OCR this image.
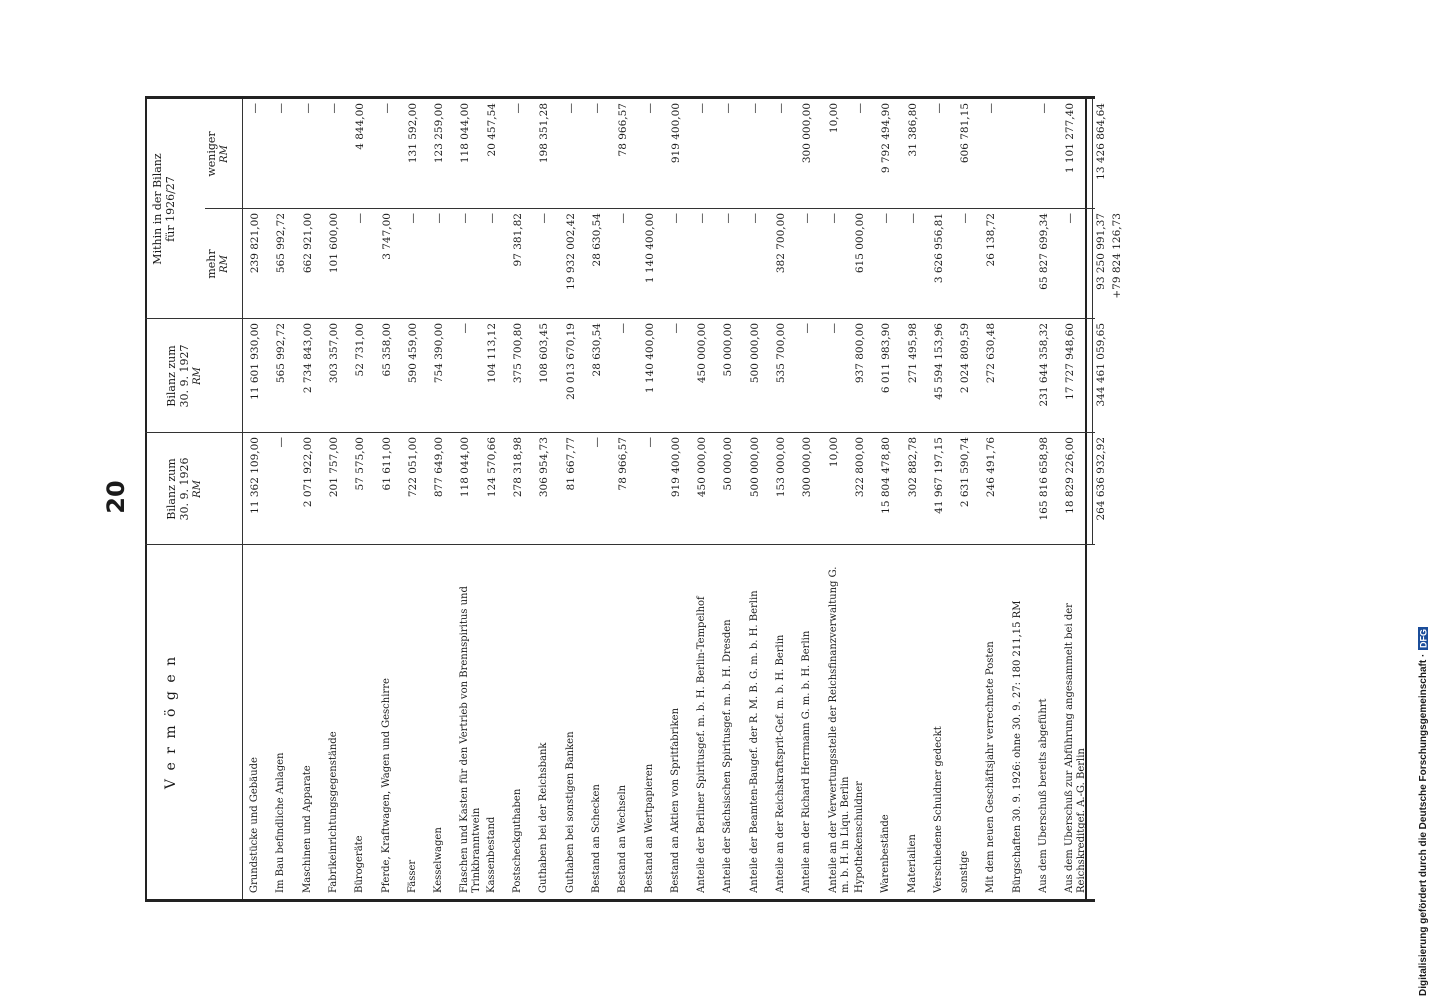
20
Digitalisierung gefördert durch die Deutsche Forschungsgemeinschaft ·
DFG
V e r m ö g e n
Bilanz zum 30. 9. 1926 RM
Bilanz zum 30. 9. 1927 RM
Mithin in der Bilanz für 1926/27
mehr RM
weniger RM
Grundstücke und Gebäude
11 362 109,00
11 601 930,00
239 821,00
—
Im Bau befindliche Anlagen
—
565 992,72
565 992,72
—
Maschinen und Apparate
2 071 922,00
2 734 843,00
662 921,00
—
Fabrikeinrichtungsgegenstände
201 757,00
303 357,00
101 600,00
—
Bürogeräte
57 575,00
52 731,00
—
4 844,00
Pferde, Kraftwagen, Wagen und Geschirre
61 611,00
65 358,00
3 747,00
—
Fässer
722 051,00
590 459,00
—
131 592,00
Kesselwagen
877 649,00
754 390,00
—
123 259,00
Flaschen und Kasten für den Vertrieb von Brennspiritus und Trinkbranntwein
118 044,00
—
—
118 044,00
Kassenbestand
124 570,66
104 113,12
—
20 457,54
Postscheckguthaben
278 318,98
375 700,80
97 381,82
—
Guthaben bei der Reichsbank
306 954,73
108 603,45
—
198 351,28
Guthaben bei sonstigen Banken
81 667,77
20 013 670,19
19 932 002,42
—
Bestand an Schecken
—
28 630,54
28 630,54
—
Bestand an Wechseln
78 966,57
—
—
78 966,57
Bestand an Wertpapieren
—
1 140 400,00
1 140 400,00
—
Bestand an Aktien von Spritfabriken
919 400,00
—
—
919 400,00
Anteile der Berliner Spiritusgef. m. b. H. Berlin-Tempelhof
450 000,00
450 000,00
—
—
Anteile der Sächsischen Spiritusgef. m. b. H. Dresden
50 000,00
50 000,00
—
—
Anteile der Beamten-Baugef. der R. M. B. G. m. b. H. Berlin
500 000,00
500 000,00
—
—
Anteile an der Reichskraftsprit-Gef. m. b. H. Berlin
153 000,00
535 700,00
382 700,00
—
Anteile an der Richard Herrmann G. m. b. H. Berlin
300 000,00
—
—
300 000,00
Anteile an der Verwertungsstelle der Reichsfinanzverwaltung G. m. b. H. in Liqu. Berlin
10,00
—
—
10,00
Hypothekenschuldner
322 800,00
937 800,00
615 000,00
—
Warenbestände
15 804 478,80
6 011 983,90
—
9 792 494,90
Materialien
302 882,78
271 495,98
—
31 386,80
Verschiedene Schuldner gedeckt
41 967 197,15
45 594 153,96
3 626 956,81
—
sonstige
2 631 590,74
2 024 809,59
—
606 781,15
Mit dem neuen Geschäftsjahr verrechnete Posten
246 491,76
272 630,48
26 138,72
—
Bürgschaften 30. 9. 1926: ohne 30. 9. 27: 180 211,15 RM	Aus dem Überschuß bereits abgeführt
165 816 658,98
231 644 358,32
65 827 699,34
—
Aus dem Überschuß zur Abführung angesammelt bei der Reichskreditgef. A.-G. Berlin
18 829 226,00
17 727 948,60
—
1 101 277,40
264 636 932,92
344 461 059,65
93 250 991,37
13 426 864,64
+79 824 126,73
